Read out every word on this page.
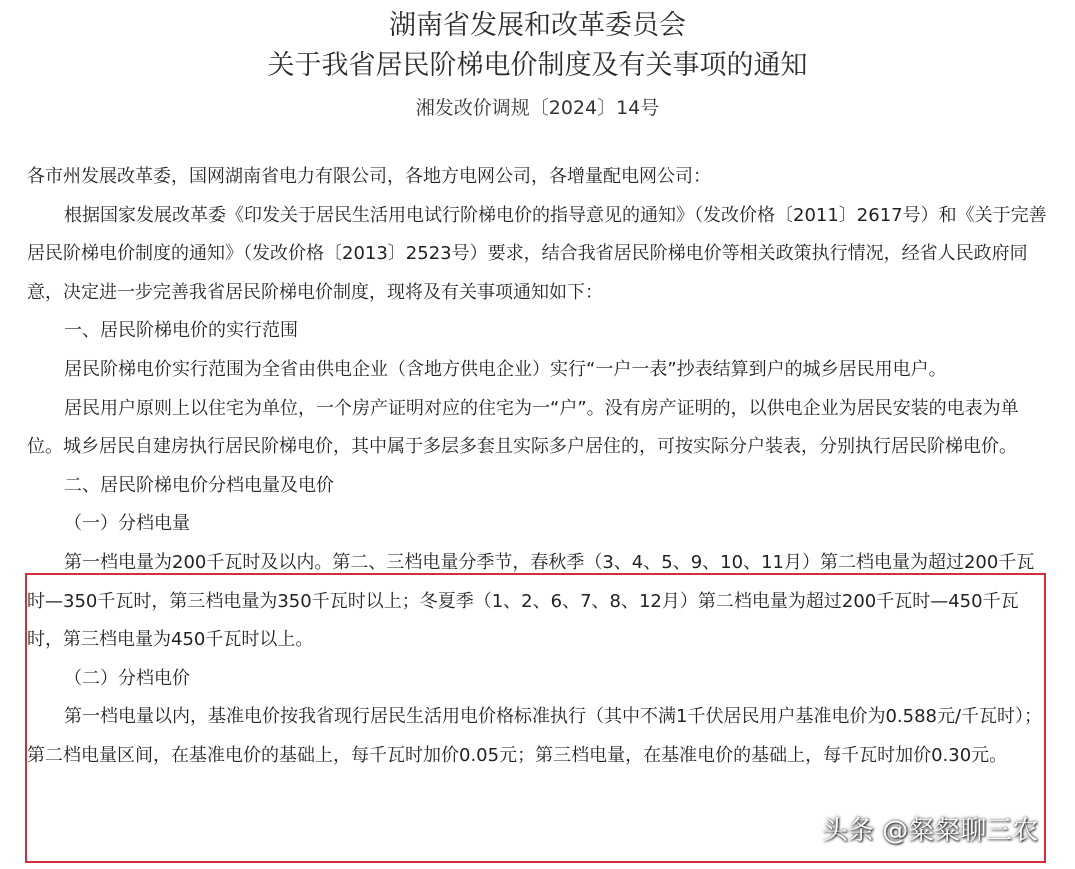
湖南省发展和改革委员会
关于我省居民阶梯电价制度及有关事项的通知
湘发改价调规〔2024〕14号

各市州发展改革委，国网湖南省电力有限公司，各地方电网公司，各增量配电网公司：

根据国家发展改革委《印发关于居民生活用电试行阶梯电价的指导意见的通知》（发改价格〔2011〕2617号）和《关于完善居民阶梯电价制度的通知》（发改价格〔2013〕2523号）要求，结合我省居民阶梯电价等相关政策执行情况，经省人民政府同意，决定进一步完善我省居民阶梯电价制度，现将及有关事项通知如下：

一、居民阶梯电价的实行范围

居民阶梯电价实行范围为全省由供电企业（含地方供电企业）实行“一户一表”抄表结算到户的城乡居民用电户。

居民用户原则上以住宅为单位，一个房产证明对应的住宅为一“户”。没有房产证明的，以供电企业为居民安装的电表为单位。城乡居民自建房执行居民阶梯电价，其中属于多层多套且实际多户居住的，可按实际分户装表，分别执行居民阶梯电价。

二、居民阶梯电价分档电量及电价

（一）分档电量

第一档电量为200千瓦时及以内。第二、三档电量分季节，春秋季（3、4、5、9、10、11月）第二档电量为超过200千瓦时—350千瓦时，第三档电量为350千瓦时以上；冬夏季（1、2、6、7、8、12月）第二档电量为超过200千瓦时—450千瓦时，第三档电量为450千瓦时以上。

（二）分档电价

第一档电量以内，基准电价按我省现行居民生活用电价格标准执行（其中不满1千伏居民用户基准电价为0.588元/千瓦时）；第二档电量区间，在基准电价的基础上，每千瓦时加价0.05元；第三档电量，在基准电价的基础上，每千瓦时加价0.30元。

头条 @粲粲聊三农
